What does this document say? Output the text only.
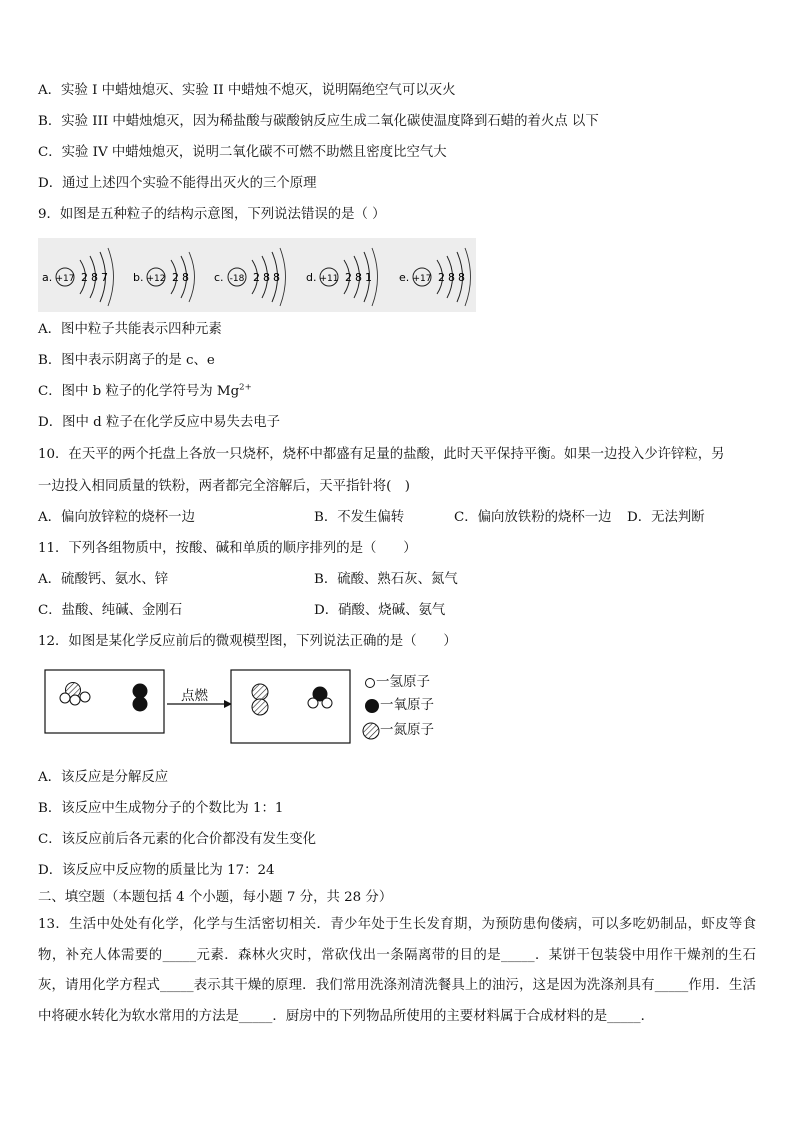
A．实验 I 中蜡烛熄灭、实验 II 中蜡烛不熄灭，说明隔绝空气可以灭火
B．实验 III 中蜡烛熄灭，因为稀盐酸与碳酸钠反应生成二氧化碳使温度降到石蜡的着火点 以下
C．实验 IV 中蜡烛熄灭，说明二氧化碳不可燃不助燃且密度比空气大
D．通过上述四个实验不能得出灭火的三个原理
9．如图是五种粒子的结构示意图，下列说法错误的是（ ）
a. +17 2 8 7 b. +12 2 8 c. -18 2 8 8 d. +11 2 8 1 e. +17 2 8 8
A．图中粒子共能表示四种元素
B．图中表示阴离子的是 c、e
C．图中 b 粒子的化学符号为 $Mg^{2+}$
D．图中 d 粒子在化学反应中易失去电子
10．在天平的两个托盘上各放一只烧杯，烧杯中都盛有足量的盐酸，此时天平保持平衡。如果一边投入少许锌粒，另
一边投入相同质量的铁粉，两者都完全溶解后，天平指针将(　)
A．偏向放锌粒的烧杯一边	B．不发生偏转	C．偏向放铁粉的烧杯一边 D．无法判断
11．下列各组物质中，按酸、碱和单质的顺序排列的是（　　）
A．硫酸钙、氨水、锌	B．硫酸、熟石灰、氮气
C．盐酸、纯碱、金刚石	D．硝酸、烧碱、氨气
12．如图是某化学反应前后的微观模型图，下列说法正确的是（　　）
点燃
一氢原子
一氧原子
一氮原子
A．该反应是分解反应
B．该反应中生成物分子的个数比为 1：1
C．该反应前后各元素的化合价都没有发生变化
D．该反应中反应物的质量比为 17：24
二、填空题（本题包括 4 个小题，每小题 7 分，共 28 分）
13．生活中处处有化学，化学与生活密切相关．青少年处于生长发育期，为预防患佝偻病，可以多吃奶制品，虾皮等食物，补充人体需要的_____元素．森林火灾时，常砍伐出一条隔离带的目的是_____．某饼干包装袋中用作干燥剂的生石灰，请用化学方程式_____表示其干燥的原理．我们常用洗涤剂清洗餐具上的油污，这是因为洗涤剂具有_____作用．生活中将硬水转化为软水常用的方法是_____．厨房中的下列物品所使用的主要材料属于合成材料的是_____．
